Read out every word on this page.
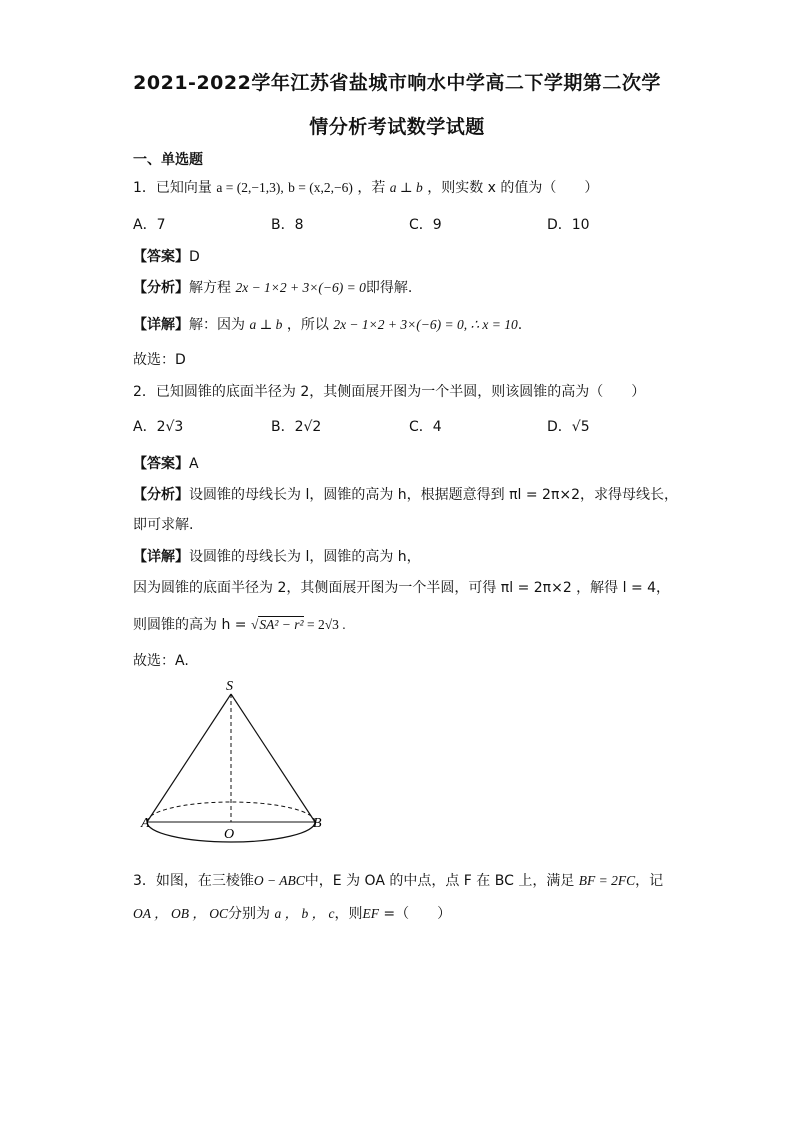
2021-2022学年江苏省盐城市响水中学高二下学期第二次学
情分析考试数学试题
一、单选题
1．已知向量 a = (2,−1,3), b = (x,2,−6) ，若 a ⊥ b ，则实数 x 的值为（　　）
A．7	B．8	C．9	D．10
【答案】D
【分析】解方程 2x − 1×2 + 3×(−6) = 0即得解.
【详解】解：因为 a ⊥ b ，所以 2x − 1×2 + 3×(−6) = 0, ∴ x = 10.
故选：D
2．已知圆锥的底面半径为 2，其侧面展开图为一个半圆，则该圆锥的高为（　　）
A．2√3	B．2√2	C．4	D．√5
【答案】A
【分析】设圆锥的母线长为 l，圆锥的高为 h，根据题意得到 πl = 2π×2，求得母线长，
即可求解.
【详解】设圆锥的母线长为 l，圆锥的高为 h，
因为圆锥的底面半径为 2，其侧面展开图为一个半圆，可得 πl = 2π×2 ，解得 l = 4，
则圆锥的高为 h = √SA² − r² = 2√3 .
故选：A.
S
A
O
B
3．如图，在三棱锥O − ABC中，E 为 OA 的中点，点 F 在 BC 上，满足 BF = 2FC，记
OA ， OB ， OC分别为 a ， b ， c，则EF =（　　）
